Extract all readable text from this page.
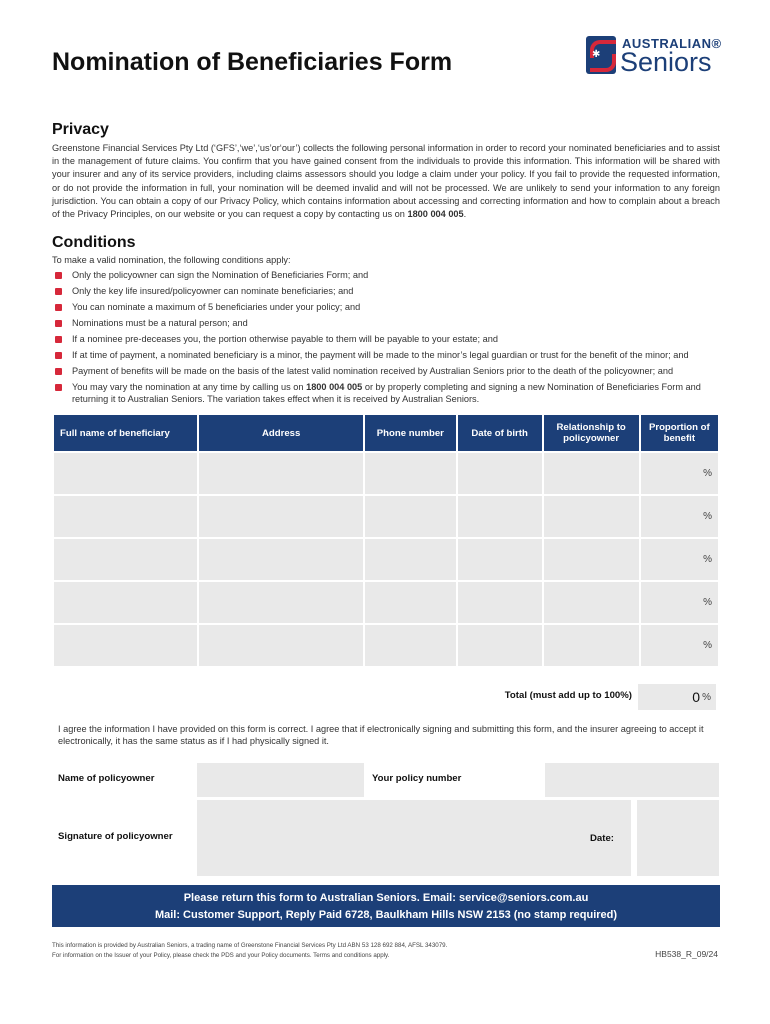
Nomination of Beneficiaries Form	✱
AUSTRALIAN®
Seniors
Privacy
Greenstone Financial Services Pty Ltd (‘GFS’,‘we’,‘us’or‘our’) collects the following personal information in order to record your nominated beneficiaries and to assist in the management of future claims. You confirm that you have gained consent from the individuals to provide this information. This information will be shared with your insurer and any of its service providers, including claims assessors should you lodge a claim under your policy. If you fail to provide the requested information, or do not provide the information in full, your nomination will be deemed invalid and will not be processed. We are unlikely to send your information to any foreign jurisdiction. You can obtain a copy of our Privacy Policy, which contains information about accessing and correcting information and how to complain about a breach of the Privacy Principles, on our website or you can request a copy by contacting us on 1800 004 005.
Conditions
To make a valid nomination, the following conditions apply:
Only the policyowner can sign the Nomination of Beneficiaries Form; and
Only the key life insured/policyowner can nominate beneficiaries; and
You can nominate a maximum of 5 beneficiaries under your policy; and
Nominations must be a natural person; and
If a nominee pre-deceases you, the portion otherwise payable to them will be payable to your estate; and
If at time of payment, a nominated beneficiary is a minor, the payment will be made to the minor’s legal guardian or trust for the benefit of the minor; and
Payment of benefits will be made on the basis of the latest valid nomination received by Australian Seniors prior to the death of the policyowner; and
You may vary the nomination at any time by calling us on 1800 004 005 or by properly completing and signing a new Nomination of Beneficiaries Form and returning it to Australian Seniors. The variation takes effect when it is received by Australian Seniors.
Full name of beneficiary	Address	Phone number	Date of birth	Relationship to policyowner	Proportion of benefit
					%
					%
					%
					%
					%
Total (must add up to 100%)	0 %
I agree the information I have provided on this form is correct. I agree that if electronically signing and submitting this form, and the insurer agreeing to accept it electronically, it has the same status as if I had physically signed it.
Name of policyowner	Your policy number
Signature of policyowner	Date:
Please return this form to Australian Seniors. Email: service@seniors.com.au
Mail: Customer Support, Reply Paid 6728, Baulkham Hills NSW 2153 (no stamp required)
This information is provided by Australian Seniors, a trading name of Greenstone Financial Services Pty Ltd ABN 53 128 692 884, AFSL 343079.
For information on the Issuer of your Policy, please check the PDS and your Policy documents. Terms and conditions apply.	HB538_R_09/24
